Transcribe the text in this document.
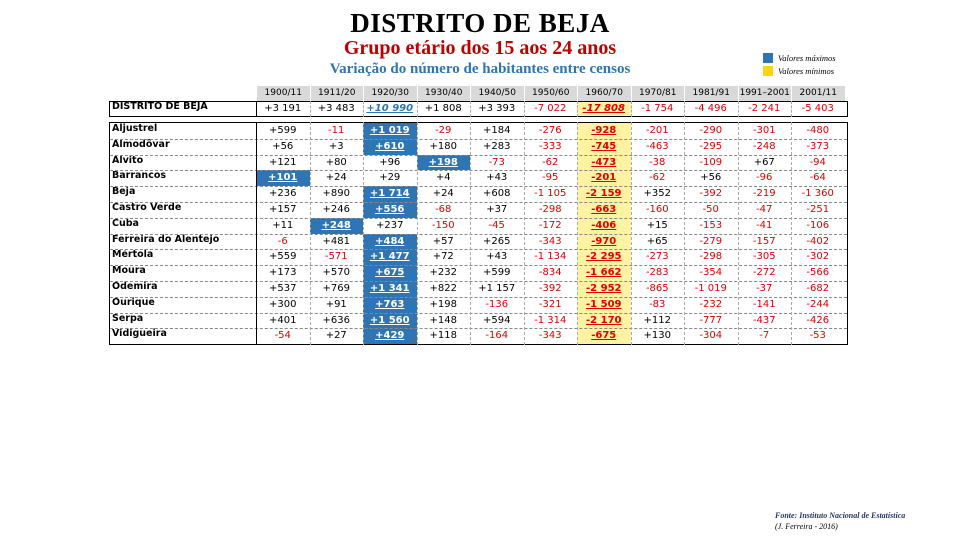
DISTRITO DE BEJA
Grupo etário dos 15 aos 24 anos
Variação do número de habitantes entre censos
Valores máximos
Valores mínimos
1900/11	1911/20	1920/30	1930/40	1940/50	1950/60	1960/70	1970/81	1981/91	1991–2001	2001/11
DISTRITO DE BEJA	+3 191	+3 483	+10 990	+1 808	+3 393	-7 022	-17 808	-1 754	-4 496	-2 241	-5 403
Aljustrel	+599	-11	+1 019	-29	+184	-276	-928	-201	-290	-301	-480
Almodôvar	+56	+3	+610	+180	+283	-333	-745	-463	-295	-248	-373
Alvito	+121	+80	+96	+198	-73	-62	-473	-38	-109	+67	-94
Barrancos	+101	+24	+29	+4	+43	-95	-201	-62	+56	-96	-64
Beja	+236	+890	+1 714	+24	+608	-1 105	-2 159	+352	-392	-219	-1 360
Castro Verde	+157	+246	+556	-68	+37	-298	-663	-160	-50	-47	-251
Cuba	+11	+248	+237	-150	-45	-172	-406	+15	-153	-41	-106
Ferreira do Alentejo	-6	+481	+484	+57	+265	-343	-970	+65	-279	-157	-402
Mértola	+559	-571	+1 477	+72	+43	-1 134	-2 295	-273	-298	-305	-302
Moura	+173	+570	+675	+232	+599	-834	-1 662	-283	-354	-272	-566
Odemira	+537	+769	+1 341	+822	+1 157	-392	-2 952	-865	-1 019	-37	-682
Ourique	+300	+91	+763	+198	-136	-321	-1 509	-83	-232	-141	-244
Serpa	+401	+636	+1 560	+148	+594	-1 314	-2 170	+112	-777	-437	-426
Vidigueira	-54	+27	+429	+118	-164	-343	-675	+130	-304	-7	-53
Fonte: Instituto Nacional de Estatística
(J. Ferreira - 2016)
